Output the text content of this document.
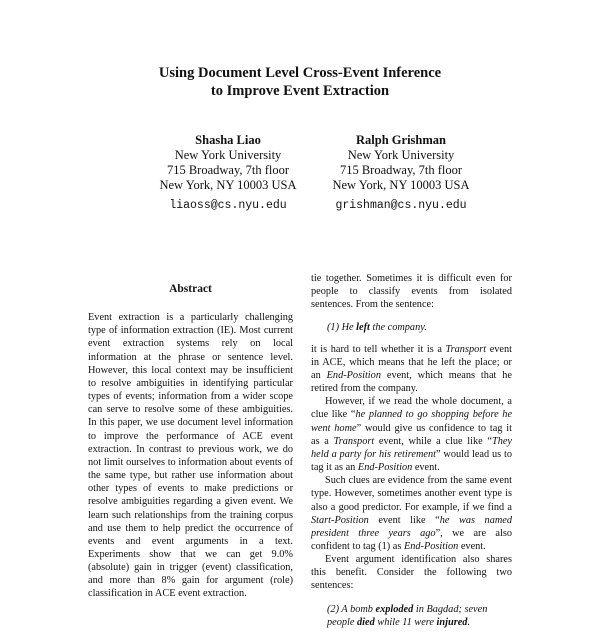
Using Document Level Cross-Event Inference
to Improve Event Extraction
Shasha Liao
New York University
715 Broadway, 7th floor
New York, NY 10003 USA
liaoss@cs.nyu.edu
Ralph Grishman
New York University
715 Broadway, 7th floor
New York, NY 10003 USA
grishman@cs.nyu.edu
Abstract

Event extraction is a particularly challenging type of information extraction (IE). Most current event extraction systems rely on local information at the phrase or sentence level. However, this local context may be insufficient to resolve ambiguities in identifying particular types of events; information from a wider scope can serve to resolve some of these ambiguities. In this paper, we use document level information to improve the performance of ACE event extraction. In contrast to previous work, we do not limit ourselves to information about events of the same type, but rather use information about other types of events to make predictions or resolve ambiguities regarding a given event. We learn such relationships from the training corpus and use them to help predict the occurrence of events and event arguments in a text. Experiments show that we can get 9.0% (absolute) gain in trigger (event) classification, and more than 8% gain for argument (role) classification in ACE event extraction.

tie together. Sometimes it is difficult even for people to classify events from isolated sentences. From the sentence:

(1) He left the company.

it is hard to tell whether it is a Transport event in ACE, which means that he left the place; or an End-Position event, which means that he retired from the company.

However, if we read the whole document, a clue like “he planned to go shopping before he went home” would give us confidence to tag it as a Transport event, while a clue like “They held a party for his retirement” would lead us to tag it as an End-Position event.

Such clues are evidence from the same event type. However, sometimes another event type is also a good predictor. For example, if we find a Start-Position event like “he was named president three years ago”, we are also confident to tag (1) as End-Position event.

Event argument identification also shares this benefit. Consider the following two sentences:

(2) A bomb exploded in Bagdad; seven people died while 11 were injured.
